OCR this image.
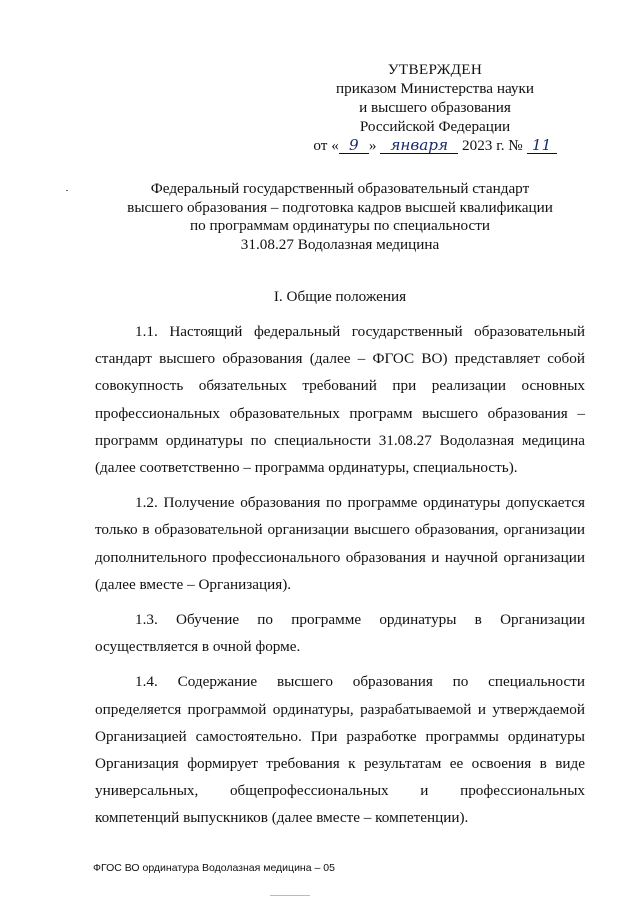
УТВЕРЖДЕН
приказом Министерства науки
и высшего образования
Российской Федерации
от « 9 » января 2023 г. № 11
Федеральный государственный образовательный стандарт
высшего образования – подготовка кадров высшей квалификации
по программам ординатуры по специальности
31.08.27 Водолазная медицина
I. Общие положения

1.1. Настоящий федеральный государственный образовательный стандарт высшего образования (далее – ФГОС ВО) представляет собой совокупность обязательных требований при реализации основных профессиональных образовательных программ высшего образования – программ ординатуры по специальности 31.08.27 Водолазная медицина (далее соответственно – программа ординатуры, специальность).

1.2. Получение образования по программе ординатуры допускается только в образовательной организации высшего образования, организации дополнительного профессионального образования и научной организации (далее вместе – Организация).

1.3. Обучение по программе ординатуры в Организации осуществляется в очной форме.

1.4. Содержание высшего образования по специальности определяется программой ординатуры, разрабатываемой и утверждаемой Организацией самостоятельно. При разработке программы ординатуры Организация формирует требования к результатам ее освоения в виде универсальных, общепрофессиональных и профессиональных компетенций выпускников (далее вместе – компетенции).

ФГОС ВО ординатура Водолазная медицина – 05
